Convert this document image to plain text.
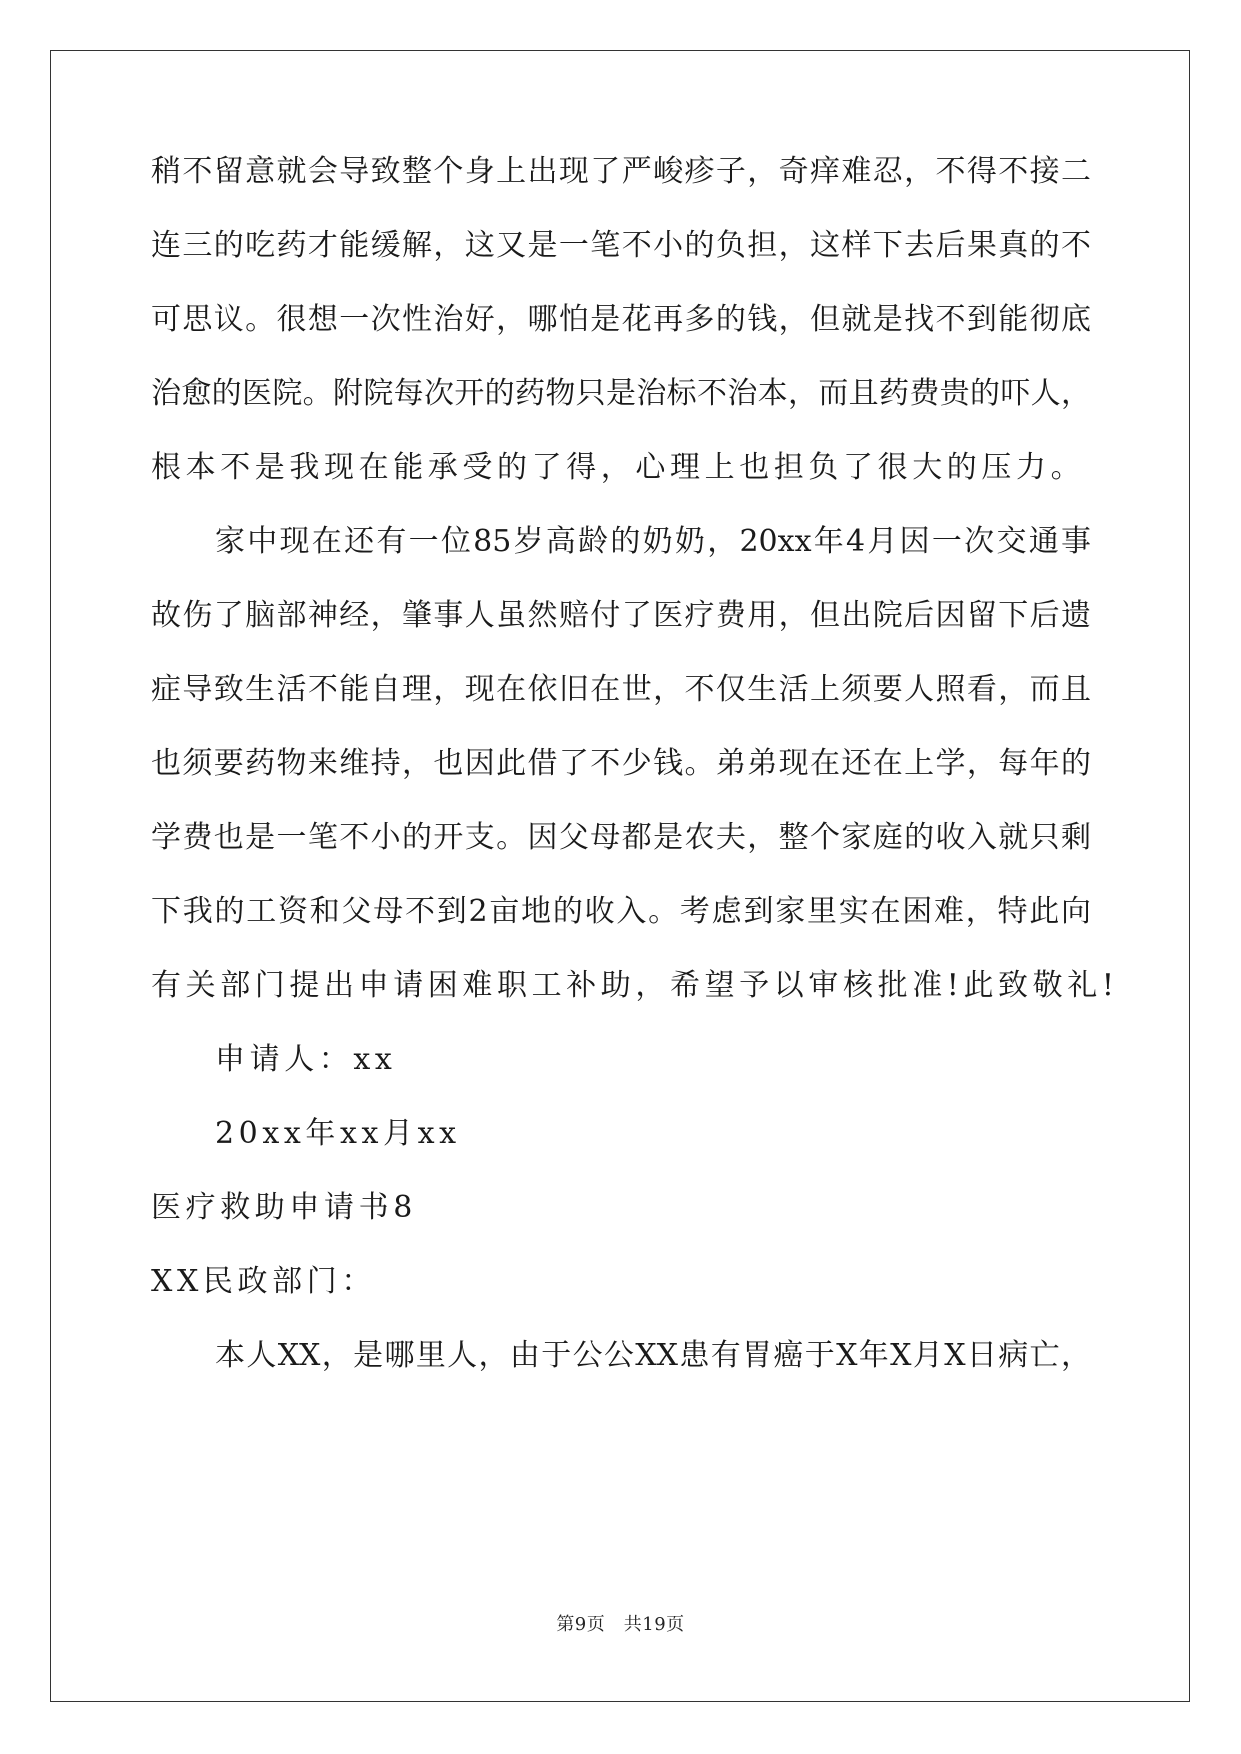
稍不留意就会导致整个身上出现了严峻疹子，奇痒难忍，不得不接二
连三的吃药才能缓解，这又是一笔不小的负担，这样下去后果真的不
可思议。很想一次性治好，哪怕是花再多的钱，但就是找不到能彻底
治愈的医院。附院每次开的药物只是治标不治本，而且药费贵的吓人，
根本不是我现在能承受的了得，心理上也担负了很大的压力。
家中现在还有一位85岁高龄的奶奶，20xx年4月因一次交通事
故伤了脑部神经，肇事人虽然赔付了医疗费用，但出院后因留下后遗
症导致生活不能自理，现在依旧在世，不仅生活上须要人照看，而且
也须要药物来维持，也因此借了不少钱。弟弟现在还在上学，每年的
学费也是一笔不小的开支。因父母都是农夫，整个家庭的收入就只剩
下我的工资和父母不到2亩地的收入。考虑到家里实在困难，特此向
有关部门提出申请困难职工补助，希望予以审核批准!此致敬礼!
申请人：xx
20xx年xx月xx
医疗救助申请书8
XX民政部门：
本人XX，是哪里人，由于公公XX患有胃癌于X年X月X日病亡，
第9页　共19页
